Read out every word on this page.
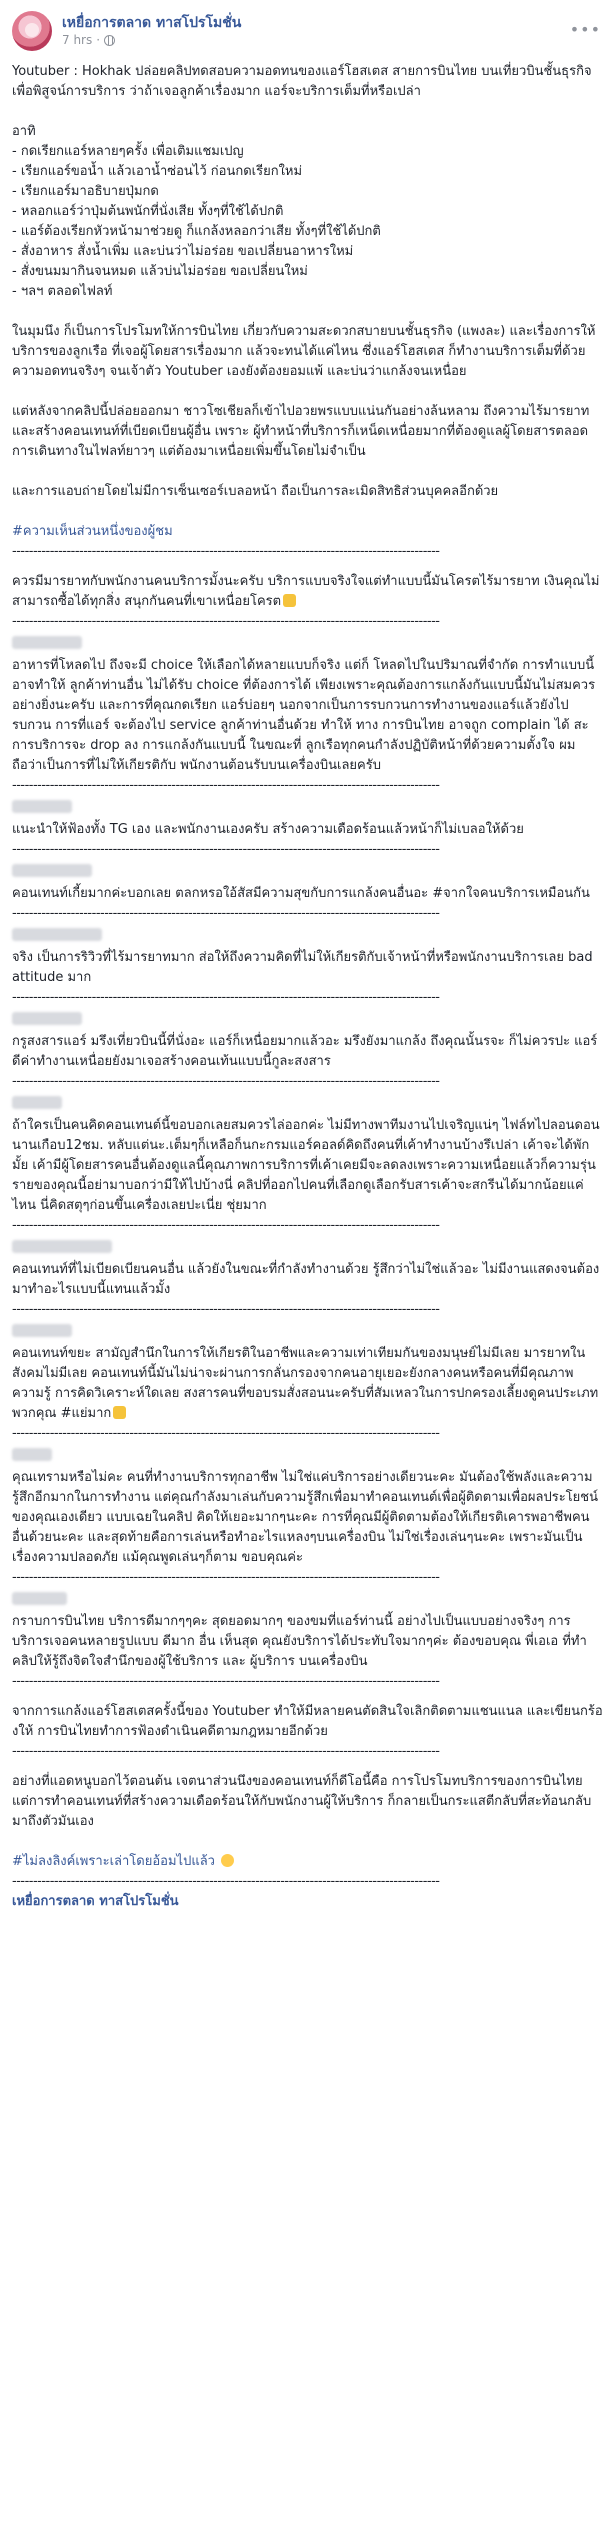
เหยื่อการตลาด ทาสโปรโมชั่น
7 hrs ·
•••

Youtuber : Hokhak ปล่อยคลิปทดสอบความอดทนของแอร์โฮสเตส สายการบินไทย บนเที่ยวบินชั้นธุรกิจ เพื่อพิสูจน์การบริการ ว่าถ้าเจอลูกค้าเรื่องมาก แอร์จะบริการเต็มที่หรือเปล่า

อาทิ

- กดเรียกแอร์หลายๆครั้ง เพื่อเติมแชมเปญ
- เรียกแอร์ขอน้ำ แล้วเอาน้ำซ่อนไว้ ก่อนกดเรียกใหม่
- เรียกแอร์มาอธิบายปุ่มกด
- หลอกแอร์ว่าปุ่มต้นพนักที่นั่งเสีย ทั้งๆที่ใช้ได้ปกติ
- แอร์ต้องเรียกหัวหน้ามาช่วยดู ก็แกล้งหลอกว่าเสีย ทั้งๆที่ใช้ได้ปกติ
- สั่งอาหาร สั่งน้ำเพิ่ม และบ่นว่าไม่อร่อย ขอเปลี่ยนอาหารใหม่
- สั่งขนมมากินจนหมด แล้วบ่นไม่อร่อย ขอเปลี่ยนใหม่
- ฯลฯ ตลอดไฟลท์

ในมุมนึง ก็เป็นการโปรโมทให้การบินไทย เกี่ยวกับความสะดวกสบายบนชั้นธุรกิจ (แพงละ) และเรื่องการให้บริการของลูกเรือ ที่เจอผู้โดยสารเรื่องมาก แล้วจะทนได้แค่ไหน ซึ่งแอร์โฮสเตส ก็ทำงานบริการเต็มที่ด้วยความอดทนจริงๆ จนเจ้าตัว Youtuber เองยังต้องยอมแพ้ และบ่นว่าแกล้งจนเหนื่อย

แต่หลังจากคลิปนี้ปล่อยออกมา ชาวโซเชียลก็เข้าไปอวยพรแบบแน่นกันอย่างล้นหลาม ถึงความไร้มารยาทและสร้างคอนเทนท์ที่เบียดเบียนผู้อื่น เพราะ ผู้ทำหน้าที่บริการก็เหน็ดเหนื่อยมากที่ต้องดูแลผู้โดยสารตลอดการเดินทางในไฟลท์ยาวๆ แต่ต้องมาเหนื่อยเพิ่มขึ้นโดยไม่จำเป็น

และการแอบถ่ายโดยไม่มีการเซ็นเซอร์เบลอหน้า ถือเป็นการละเมิดสิทธิส่วนบุคคลอีกด้วย

#ความเห็นส่วนหนึ่งของผู้ชม

------------------------------------------------------------------------------------------------------

ควรมีมารยาทกับพนักงานคนบริการมั้งนะครับ บริการแบบจริงใจแต่ทำแบบนี้มันโครตไร้มารยาท เงินคุณไม่สามารถซื้อได้ทุกสิ่ง สนุกกันคนที่เขาเหนื่อยโครต

------------------------------------------------------------------------------------------------------

อาหารที่โหลดไป ถึงจะมี choice ให้เลือกได้หลายแบบก็จริง แต่ก็ โหลดไปในปริมาณที่จำกัด การทำแบบนี้ อาจทำให้ ลูกค้าท่านอื่น ไม่ได้รับ choice ที่ต้องการได้ เพียงเพราะคุณต้องการแกล้งกันแบบนี้มันไม่สมควรอย่างยิ่งนะครับ และการที่คุณกดเรียก แอร์บ่อยๆ นอกจากเป็นการรบกวนการทำงานของแอร์แล้วยังไปรบกวน การที่แอร์ จะต้องไป service ลูกค้าท่านอื่นด้วย ทำให้ ทาง การบินไทย อาจถูก complain ได้ สะ การบริการจะ drop ลง การแกล้งกันแบบนี้ ในขณะที่ ลูกเรือทุกคนกำลังปฏิบัติหน้าที่ด้วยความตั้งใจ ผมถือว่าเป็นการที่ไม่ให้เกียรติกับ พนักงานต้อนรับบนเครื่องบินเลยครับ

------------------------------------------------------------------------------------------------------

แนะนำให้ฟ้องทั้ง TG เอง และพนักงานเองครับ สร้างความเดือดร้อนแล้วหน้าก็ไม่เบลอให้ด้วย

------------------------------------------------------------------------------------------------------

คอนเทนท์เกี้ยมากค่ะบอกเลย ตลกหรอใอ้สัสมีความสุขกับการแกล้งคนอื่นอะ #จากใจคนบริการเหมือนกัน

------------------------------------------------------------------------------------------------------

จริง เป็นการริวิวที่ไร้มารยาทมาก ส่อให้ถึงความคิดที่ไม่ให้เกียรติกับเจ้าหน้าที่หรือพนักงานบริการเลย bad attitude มาก

------------------------------------------------------------------------------------------------------

กรูสงสารแอร์ มรึงเที่ยวบินนี้ที่นั่งอะ แอร์ก็เหนื่อยมากแล้วอะ มรึงยังมาแกล้ง ถึงคุณนั้นรจะ ก็ไม่ควรปะ แอร์ดีค่าทำงานเหนื่อยยังมาเจอสร้างคอนเท้นแบบนี้กูละสงสาร

------------------------------------------------------------------------------------------------------

ถ้าใครเป็นคนคิดคอนเทนต์นี้ขอบอกเลยสมควรไล่ออกค่ะ ไม่มีทางพาทีมงานไปเจริญแน่ๆ ไฟล์ทไปลอนดอนนานเกือบ12ชม. หลับแต่นะ.เต็มๆก็เหลือก็นกะกรมแอร์คอลด์คิดถึงคนที่เค้าทำงานบ้างรึเปล่า เค้าจะได้พักมั้ย เค้ามีผู้โดยสารคนอื่นต้องดูแลนี้คุณภาพการบริการที่เค้าเคยมีจะลดลงเพราะความเหนื่อยแล้วก็ความรุ่นรายของคุณนี้อย่ามาบอกว่ามีให้ไปบ้างนี่ คลิปที่ออกไปคนที่เลือกดูเลือกรับสารเค้าจะสกรีนได้มากน้อยแค่ไหน นี่คิดสตุๆก่อนขึ้นเครื่องเลยปะเนี่ย ชุ่ยมาก

------------------------------------------------------------------------------------------------------

คอนเทนท์ที่ไม่เบียดเบียนคนอื่น แล้วยังในขณะที่กำลังทำงานด้วย รู้สึกว่าไม่ใช่แล้วอะ ไม่มีงานแสดงจนต้องมาทำอะไรแบบนี้แทนแล้วมั้ง

------------------------------------------------------------------------------------------------------

คอนเทนท์ขยะ สามัญสำนึกในการให้เกียรติในอาชีพและความเท่าเทียมกันของมนุษย์ไม่มีเลย มารยาทในสังคมไม่มีเลย คอนเทนท์นี้มันไม่น่าจะผ่านการกลั่นกรองจากคนอายุเยอะยังกลางคนหรือคนที่มีคุณภาพ ความรู้ การคิดวิเคราะห์ใดเลย สงสารคนที่ขอบรมสั่งสอนนะครับที่สัมเหลวในการปกครองเลี้ยงดูคนประเภทพวกคุณ #แย่มาก

------------------------------------------------------------------------------------------------------

คุณเทรามหรือไม่คะ คนที่ทำงานบริการทุกอาชีพ ไม่ใช่แค่บริการอย่างเดียวนะคะ มันต้องใช้พลังและความรู้สึกอีกมากในการทำงาน แต่คุณกำลังมาเล่นกับความรู้สึกเพื่อมาทำคอนเทนต์เพื่อผู้ติดตามเพื่อผลประโยชน์ของคุณเองเดียว แบบเฉยในคลิป คิดให้เยอะมากๆนะคะ การที่คุณมีผู้ติดตามต้องให้เกียรติเคารพอาชีพคนอื่นด้วยนะคะ และสุดท้ายคือการเล่นหรือทำอะไรแหลงๆบนเครื่องบิน ไม่ใช่เรื่องเล่นๆนะคะ เพราะมันเป็นเรื่องความปลอดภัย แม้คุณพูดเล่นๆก็ตาม ขอบคุณค่ะ

------------------------------------------------------------------------------------------------------

กราบการบินไทย บริการดีมากๆๆคะ สุดยอดมากๆ ของขมที่แอร์ท่านนี้ อย่างไปเป็นแบบอย่างจริงๆ การบริการเจอคนหลายรูปแบบ ดีมาก อื่น เห็นสุด คุณยังบริการได้ประทับใจมากๆค่ะ ต้องขอบคุณ พี่เอเอ ที่ทำคลิปให้รู้ถึงจิตใจสำนึกของผู้ใช้บริการ และ ผู้บริการ บนเครื่องบิน

------------------------------------------------------------------------------------------------------

จากการแกล้งแอร์โฮสเตสครั้งนี้ของ Youtuber ทำให้มีหลายคนตัดสินใจเลิกติดตามแชนแนล และเขียนกร้องให้ การบินไทยทำการฟ้องดำเนินคดีตามกฎหมายอีกด้วย

------------------------------------------------------------------------------------------------------

อย่างที่แอดหนูบอกไว้ตอนต้น เจตนาส่วนนึงของคอนเทนท์ก็ดีโอนี้คือ การโปรโมทบริการของการบินไทย แต่การทำคอนเทนท์ที่สร้างความเดือดร้อนให้กับพนักงานผู้ให้บริการ ก็กลายเป็นกระแสตีกลับที่สะท้อนกลับมาถึงตัวมันเอง

#ไม่ลงลิงค์เพราะเล่าโดยอ้อมไปแล้ว

------------------------------------------------------------------------------------------------------

เหยื่อการตลาด ทาสโปรโมชั่น
